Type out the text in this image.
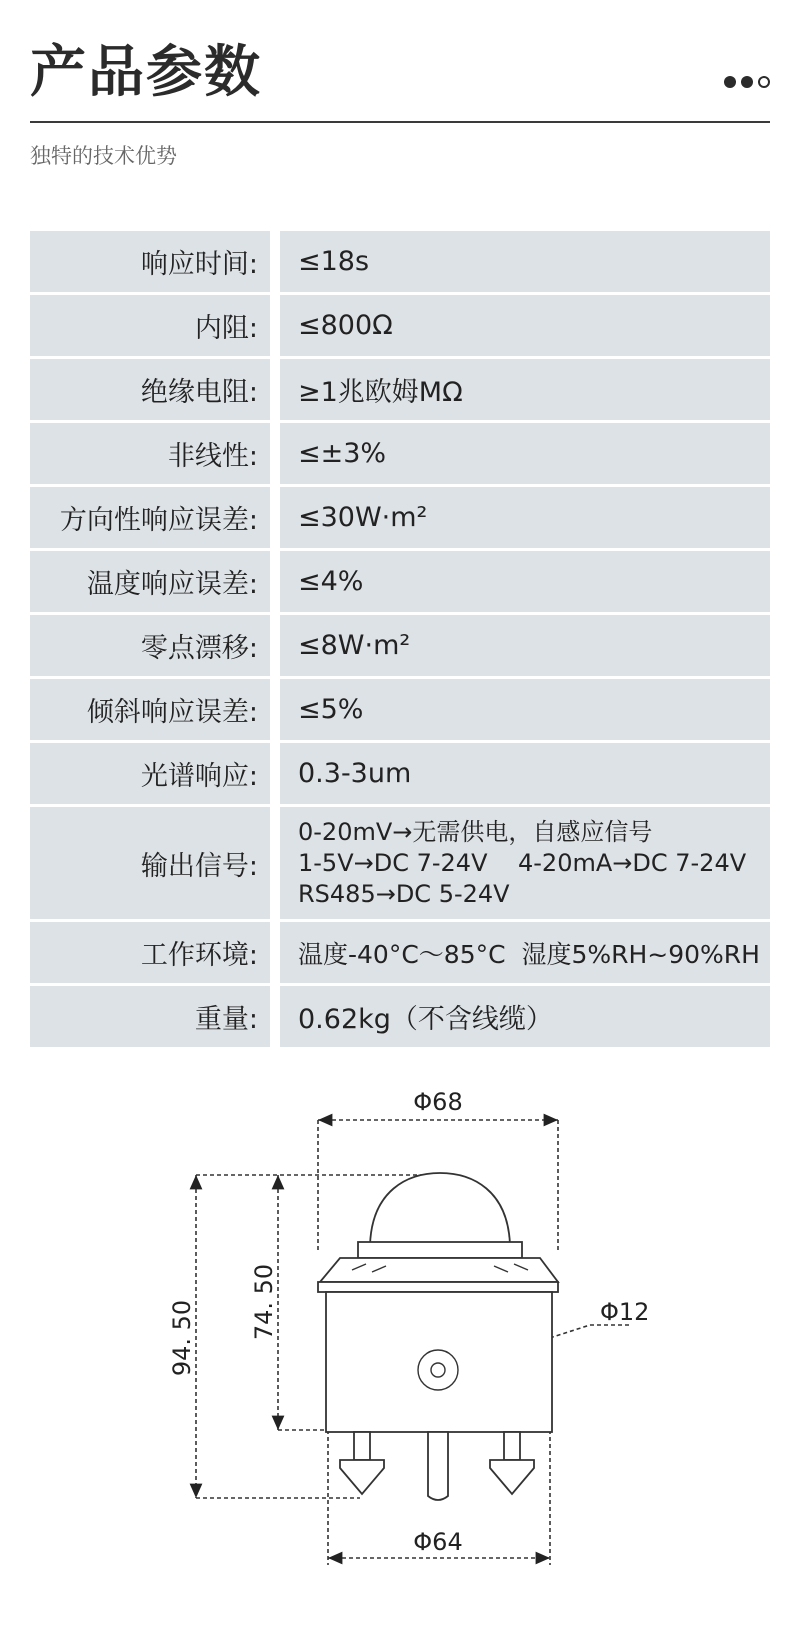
产品参数
独特的技术优势
响应时间:		≤18s
内阻:		≤800Ω
绝缘电阻:		≥1兆欧姆MΩ
非线性:		≤±3%
方向性响应误差:		≤30W·m²
温度响应误差:		≤4%
零点漂移:		≤8W·m²
倾斜响应误差:		≤5%
光谱响应:		0.3-3um
输出信号:		0-20mV→无需供电，自感应信号
1-5V→DC 7-24V    4-20mA→DC 7-24V
RS485→DC 5-24V

工作环境:		温度-40°C～85°C  湿度5%RH~90%RH
重量:		0.62kg（不含线缆）
Φ68
94. 50 74. 50	Φ12
Φ64
